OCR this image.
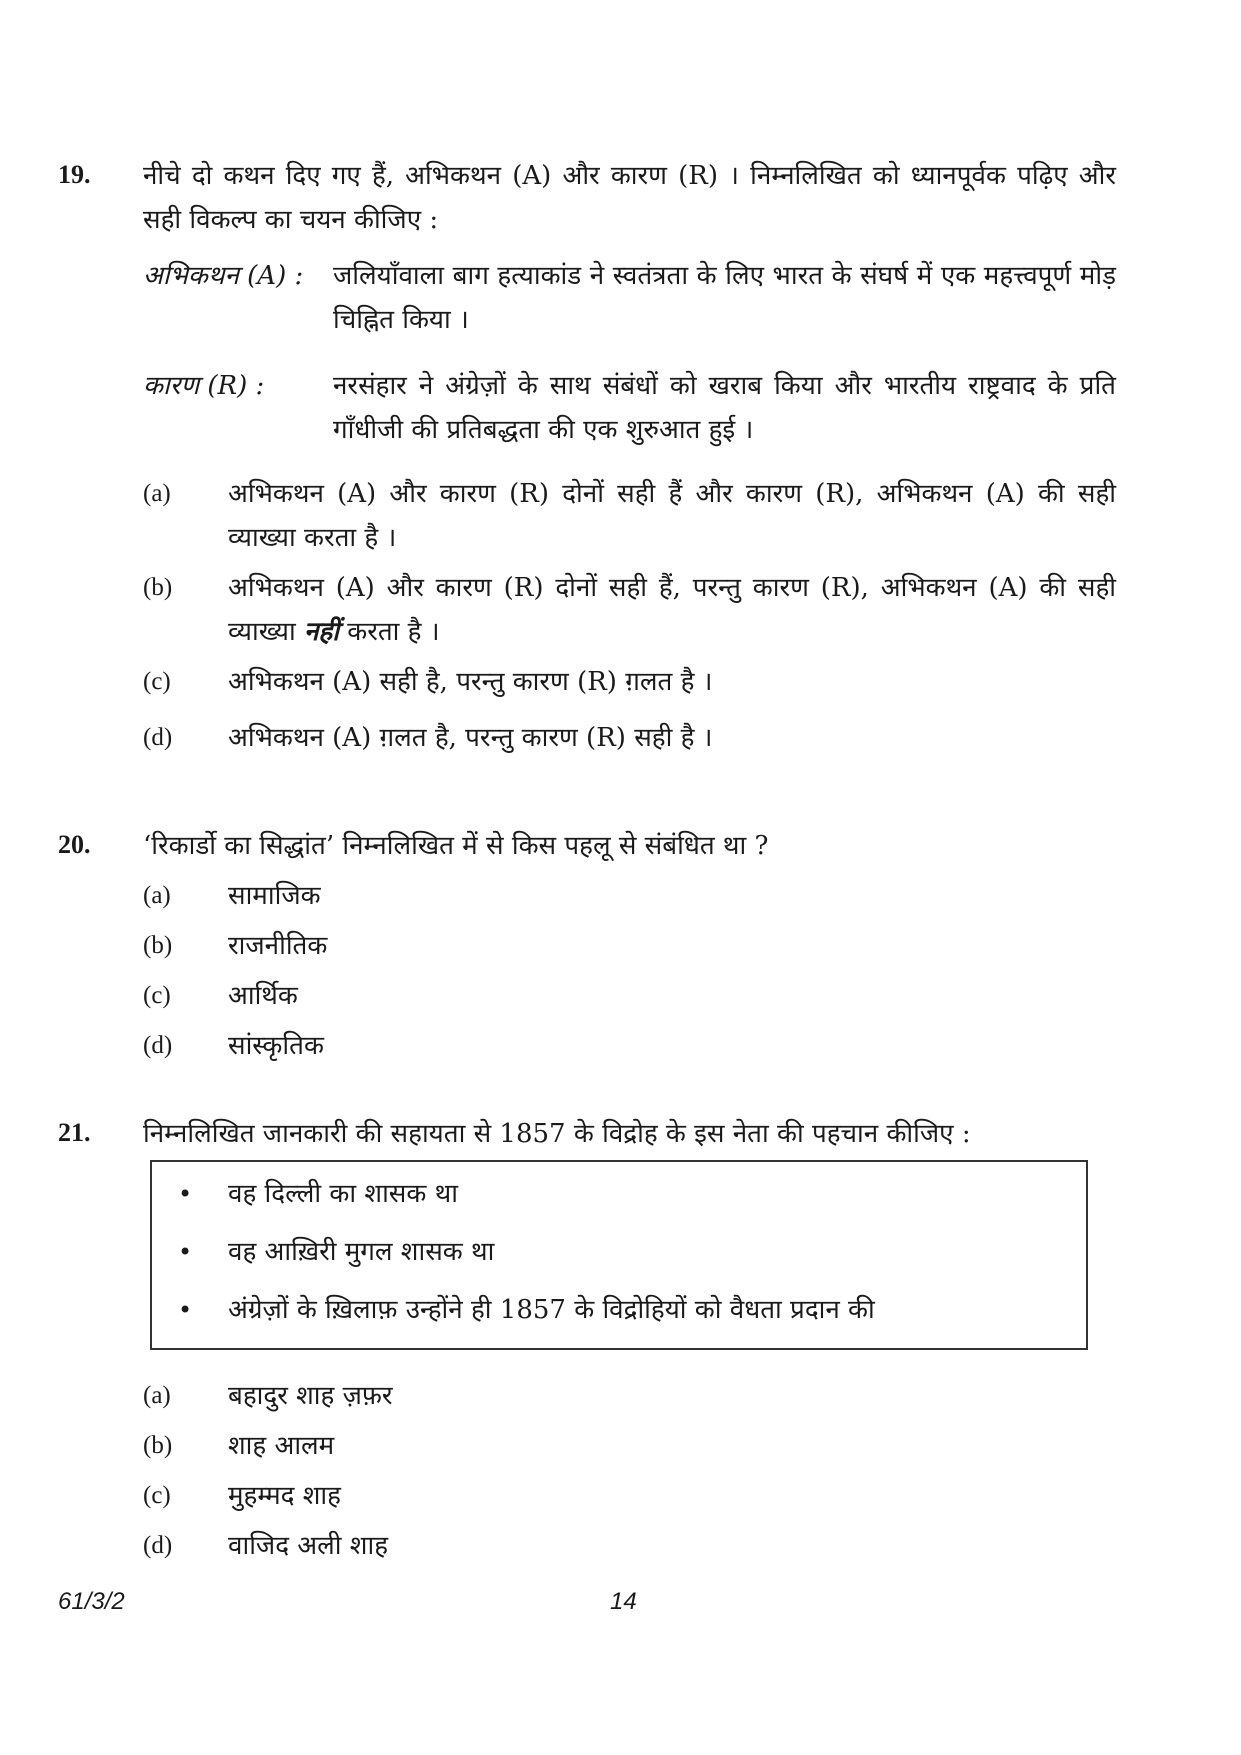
19. नीचे दो कथन दिए गए हैं, अभिकथन (A) और कारण (R) । निम्नलिखित को ध्यानपूर्वक पढ़िए और सही विकल्प का चयन कीजिए :
अभिकथन (A) : जलियाँवाला बाग हत्याकांड ने स्वतंत्रता के लिए भारत के संघर्ष में एक महत्त्वपूर्ण मोड़ चिह्नित किया ।
कारण (R) :	नरसंहार ने अंग्रेज़ों के साथ संबंधों को खराब किया और भारतीय राष्ट्रवाद के प्रति गाँधीजी की प्रतिबद्धता की एक शुरुआत हुई ।
(a) अभिकथन (A) और कारण (R) दोनों सही हैं और कारण (R), अभिकथन (A) की सही व्याख्या करता है ।
(b) अभिकथन (A) और कारण (R) दोनों सही हैं, परन्तु कारण (R), अभिकथन (A) की सही व्याख्या नहीं करता है ।
(c) अभिकथन (A) सही है, परन्तु कारण (R) ग़लत है ।
(d) अभिकथन (A) ग़लत है, परन्तु कारण (R) सही है ।
20. ‘रिकार्डो का सिद्धांत’ निम्नलिखित में से किस पहलू से संबंधित था ?
(a) सामाजिक
(b) राजनीतिक
(c) आर्थिक
(d) सांस्कृतिक
21. निम्नलिखित जानकारी की सहायता से 1857 के विद्रोह के इस नेता की पहचान कीजिए :
• वह दिल्ली का शासक था
• वह आख़िरी मुगल शासक था
• अंग्रेज़ों के ख़िलाफ़ उन्होंने ही 1857 के विद्रोहियों को वैधता प्रदान की
(a) बहादुर शाह ज़फ़र
(b) शाह आलम
(c) मुहम्मद शाह
(d) वाजिद अली शाह
61/3/2	14
